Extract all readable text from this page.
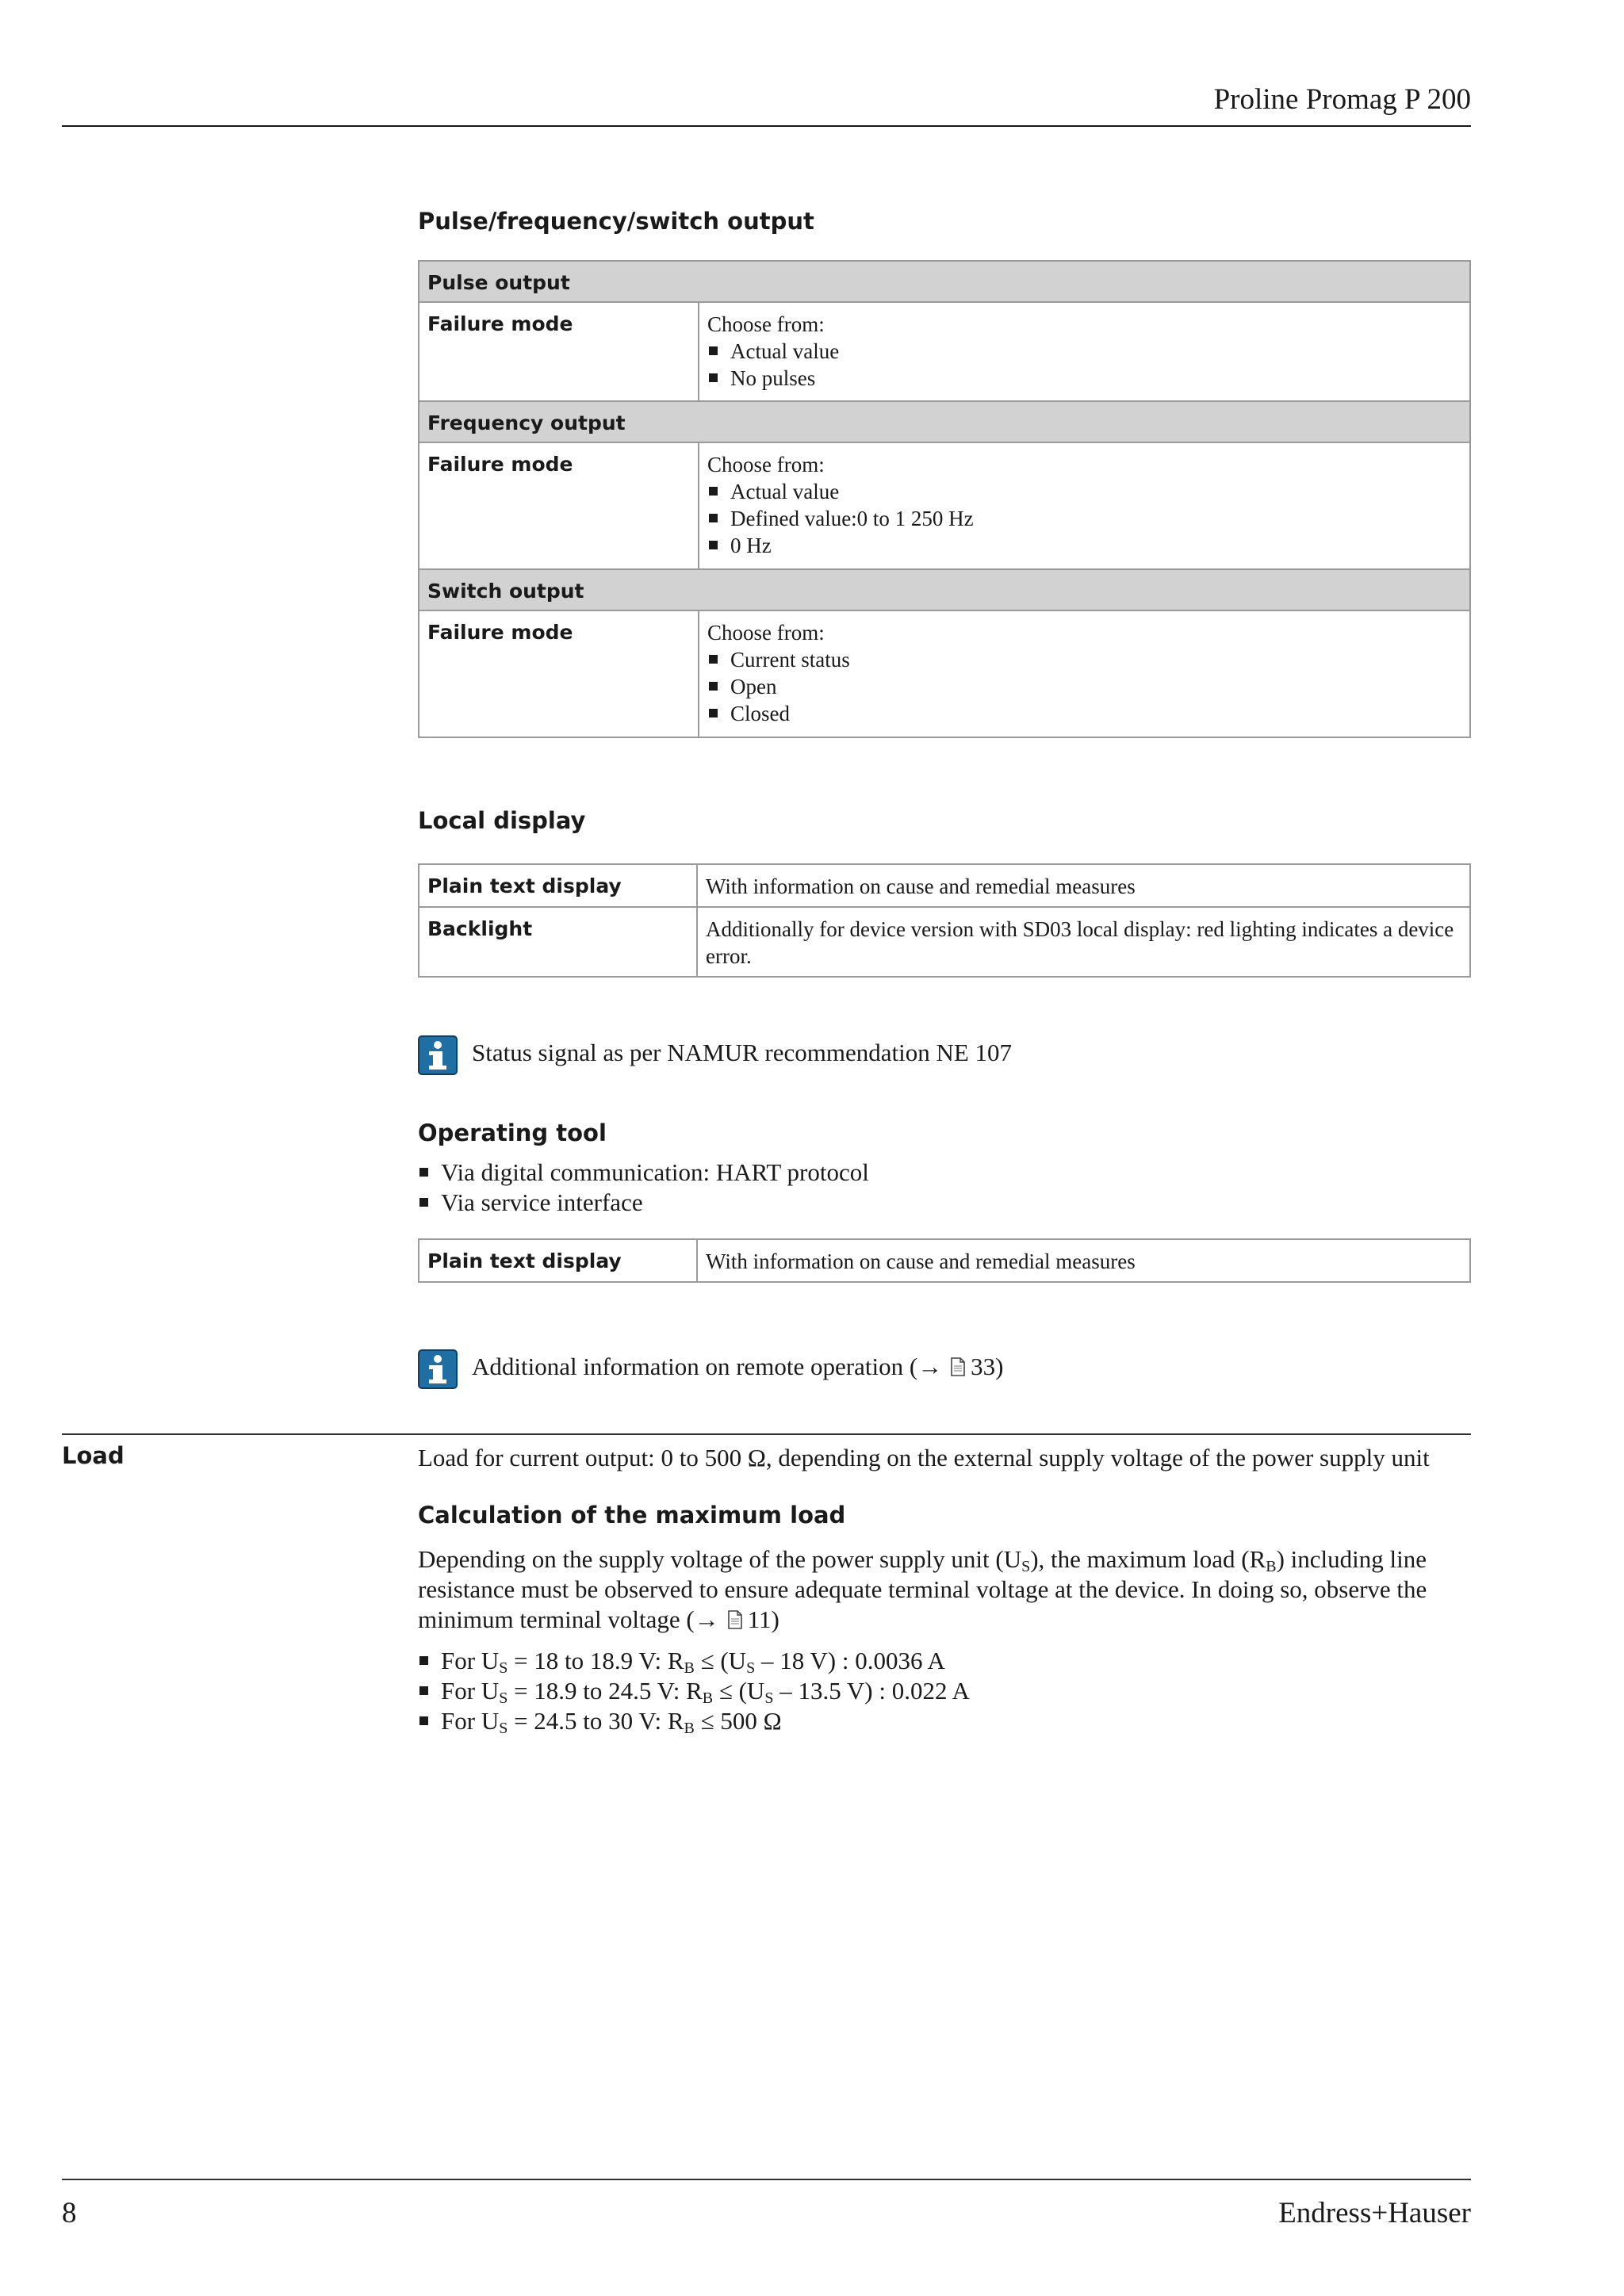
Proline Promag P 200
Pulse/frequency/switch output
Pulse output	
Failure mode	Choose from:
Actual value
No pulses

Frequency output	
Failure mode	Choose from:
Actual value
Defined value:0 to 1 250 Hz
0 Hz

Switch output	
Failure mode	Choose from:
Current status
Open
Closed
Local display
Plain text display	With information on cause and remedial measures
Backlight	Additionally for device version with SD03 local display: red lighting indicates a device error.
Status signal as per NAMUR recommendation NE 107
Operating tool
Via digital communication: HART protocol
Via service interface
Plain text display	With information on cause and remedial measures
Additional information on remote operation (→ 33)
Load	Load for current output: 0 to 500 Ω, depending on the external supply voltage of the power supply unit
Calculation of the maximum load
Depending on the supply voltage of the power supply unit $(U_S)$, the maximum load $(R_B)$ including line resistance must be observed to ensure adequate terminal voltage at the device. In doing so, observe the minimum terminal voltage (→ 11)
For $U_S = 18$ to 18.9 V: $R_B \le (U_S - 18$ V) : 0.0036 A
For $U_S = 18.9$ to 24.5 V: $R_B \le (U_S - 13.5$ V) : 0.022 A
For $U_S = 24.5$ to 30 V: $R_B \le 500$ Ω
8	Endress+Hauser
